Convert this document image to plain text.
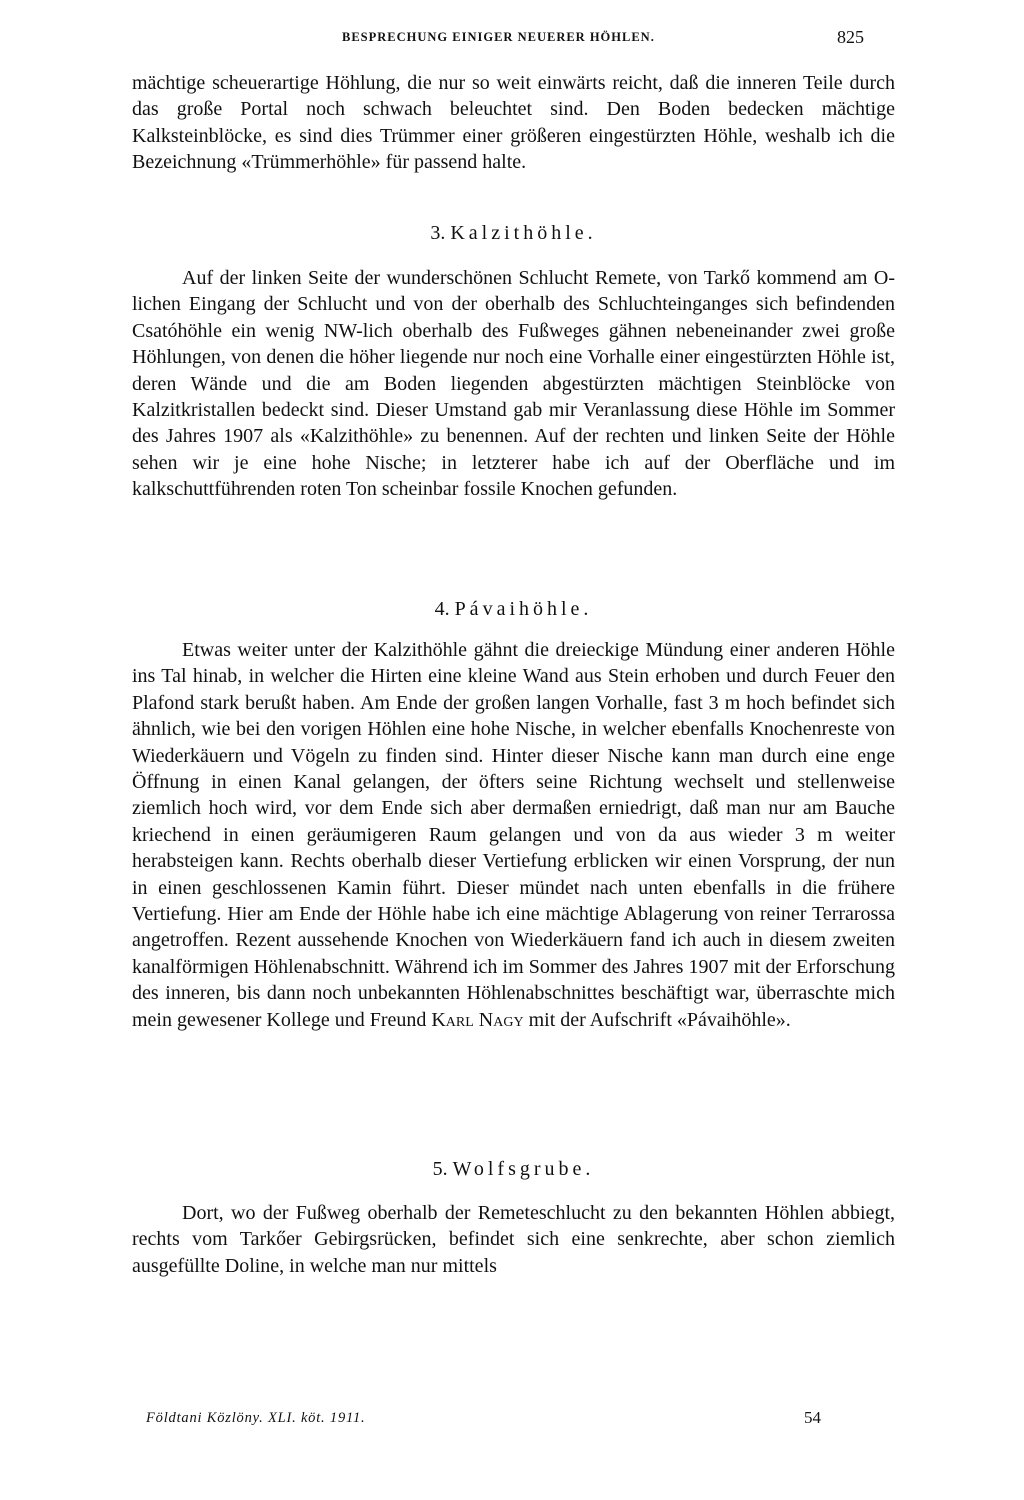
BESPRECHUNG EINIGER NEUERER HÖHLEN.	825

mächtige scheuerartige Höhlung, die nur so weit einwärts reicht, daß die inneren Teile durch das große Portal noch schwach beleuchtet sind. Den Boden bedecken mächtige Kalksteinblöcke, es sind dies Trümmer einer größeren eingestürzten Höhle, weshalb ich die Bezeichnung «Trümmerhöhle» für passend halte.

3. Kalzithöhle.

Auf der linken Seite der wunderschönen Schlucht Remete, von Tarkő kommend am O-lichen Eingang der Schlucht und von der oberhalb des Schluchteinganges sich befindenden Csatóhöhle ein wenig NW-lich oberhalb des Fußweges gähnen nebeneinander zwei große Höhlungen, von denen die höher liegende nur noch eine Vorhalle einer eingestürzten Höhle ist, deren Wände und die am Boden liegenden abgestürzten mächtigen Steinblöcke von Kalzitkristallen bedeckt sind. Dieser Umstand gab mir Veranlassung diese Höhle im Sommer des Jahres 1907 als «Kalzithöhle» zu benennen. Auf der rechten und linken Seite der Höhle sehen wir je eine hohe Nische; in letzterer habe ich auf der Oberfläche und im kalkschuttführenden roten Ton scheinbar fossile Knochen gefunden.

4. Pávaihöhle.

Etwas weiter unter der Kalzithöhle gähnt die dreieckige Mündung einer anderen Höhle ins Tal hinab, in welcher die Hirten eine kleine Wand aus Stein erhoben und durch Feuer den Plafond stark berußt haben. Am Ende der großen langen Vorhalle, fast 3 m hoch befindet sich ähnlich, wie bei den vorigen Höhlen eine hohe Nische, in welcher ebenfalls Knochenreste von Wiederkäuern und Vögeln zu finden sind. Hinter dieser Nische kann man durch eine enge Öffnung in einen Kanal gelangen, der öfters seine Richtung wechselt und stellenweise ziemlich hoch wird, vor dem Ende sich aber dermaßen erniedrigt, daß man nur am Bauche kriechend in einen geräumigeren Raum gelangen und von da aus wieder 3 m weiter herabsteigen kann. Rechts oberhalb dieser Vertiefung erblicken wir einen Vorsprung, der nun in einen geschlossenen Kamin führt. Dieser mündet nach unten ebenfalls in die frühere Vertiefung. Hier am Ende der Höhle habe ich eine mächtige Ablagerung von reiner Terrarossa angetroffen. Rezent aussehende Knochen von Wiederkäuern fand ich auch in diesem zweiten kanalförmigen Höhlenabschnitt. Während ich im Sommer des Jahres 1907 mit der Erforschung des inneren, bis dann noch unbekannten Höhlenabschnittes beschäftigt war, überraschte mich mein gewesener Kollege und Freund Karl Nagy mit der Aufschrift «Pávaihöhle».

5. Wolfsgrube.

Dort, wo der Fußweg oberhalb der Remeteschlucht zu den bekannten Höhlen abbiegt, rechts vom Tarkőer Gebirgsrücken, befindet sich eine senkrechte, aber schon ziemlich ausgefüllte Doline, in welche man nur mittels

Földtani Közlöny. XLI. köt. 1911.	54
